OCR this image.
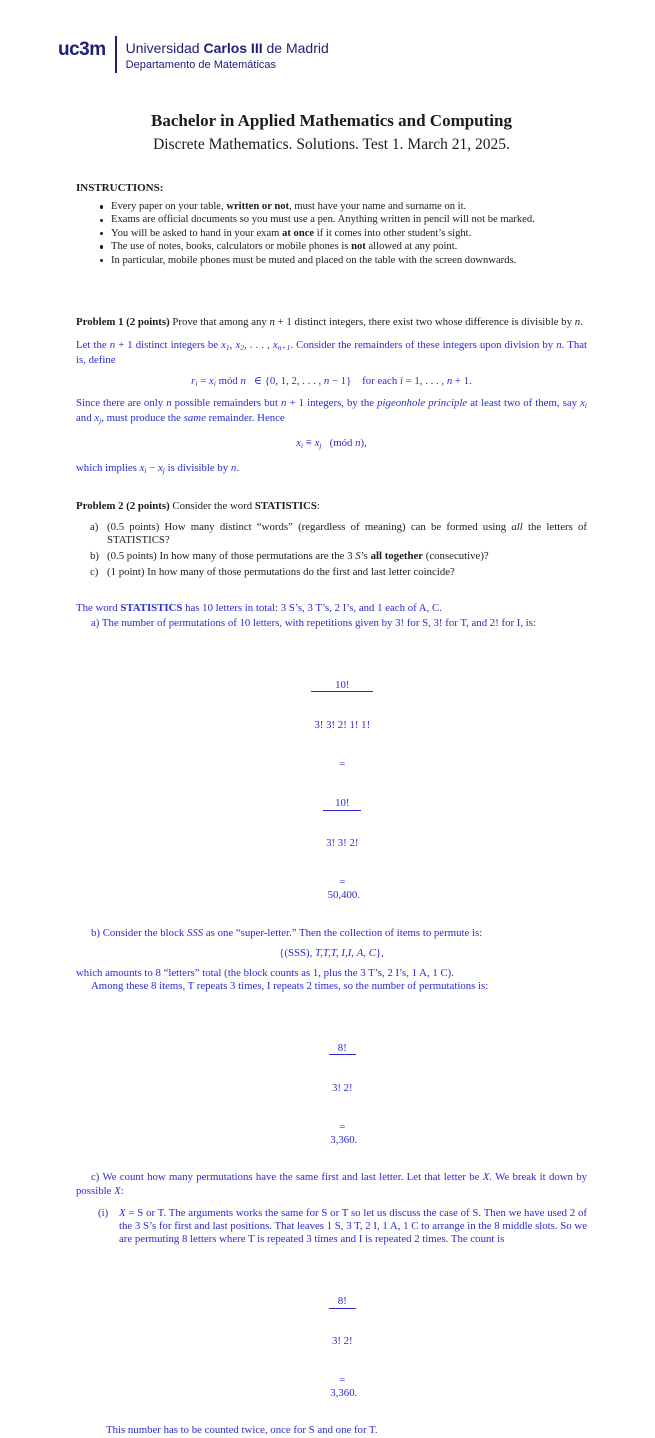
uc3m Universidad Carlos III de Madrid
Departamento de Matemáticas
Bachelor in Applied Mathematics and Computing
Discrete Mathematics. Solutions. Test 1. March 21, 2025.
INSTRUCTIONS:
Every paper on your table, written or not, must have your name and surname on it.
Exams are official documents so you must use a pen. Anything written in pencil will not be marked.
You will be asked to hand in your exam at once if it comes into other student’s sight.
The use of notes, books, calculators or mobile phones is not allowed at any point.
In particular, mobile phones must be muted and placed on the table with the screen downwards.

Problem 1 (2 points) Prove that among any n + 1 distinct integers, there exist two whose difference is divisible by n.

Let the n + 1 distinct integers be x1, x2, . . . , xn+1. Consider the remainders of these integers upon division by n. That is, define

ri = xi mód n   ∈ {0, 1, 2, . . . , n − 1}    for each i = 1, . . . , n + 1.

Since there are only n possible remainders but n + 1 integers, by the pigeonhole principle at least two of them, say xi and xj, must produce the same remainder. Hence

xi ≡ xj   (mód n),

which implies xi − xj is divisible by n.

Problem 2 (2 points) Consider the word STATISTICS:

a) (0.5 points) How many distinct “words” (regardless of meaning) can be formed using all the letters of STATISTICS?
b) (0.5 points) In how many of those permutations are the 3 S’s all together (consecutive)?
c) (1 point) In how many of those permutations do the first and last letter coincide?

The word STATISTICS has 10 letters in total: 3 S’s, 3 T’s, 2 I’s, and 1 each of A, C.

a) The number of permutations of 10 letters, with repetitions given by 3! for S, 3! for T, and 2! for I, is:

$\frac{10!}{3! 3! 2! 1! 1!}$

=

$\frac{10!}{3! 3! 2!}$

=
50,400.

b) Consider the block SSS as one “super-letter.” Then the collection of items to permute is:

{(SSS), T,T,T, I,I, A, C},

which amounts to 8 “letters” total (the block counts as 1, plus the 3 T’s, 2 I’s, 1 A, 1 C).

Among these 8 items, T repeats 3 times, I repeats 2 times, so the number of permutations is:

$\frac{8!}{3! 2!}$

=
3,360.

c) We count how many permutations have the same first and last letter. Let that letter be X. We break it down by possible X:

(i) X = S or T. The arguments works the same for S or T so let us discuss the case of S. Then we have used 2 of the 3 S’s for first and last positions. That leaves 1 S, 3 T, 2 I, 1 A, 1 C to arrange in the 8 middle slots. So we are permuting 8 letters where T is repeated 3 times and I is repeated 2 times. The count is

$\frac{8!}{3! 2!}$

=
3,360.

This number has to be counted twice, once for S and one for T.
